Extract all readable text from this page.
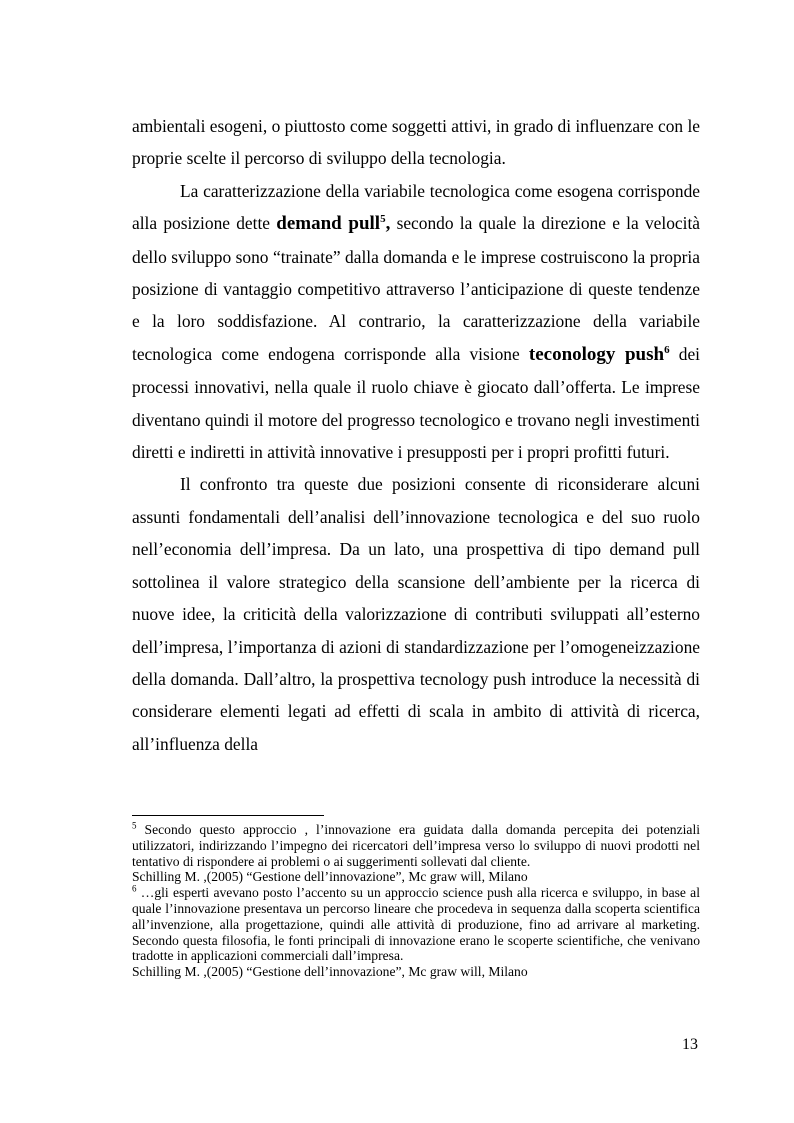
ambientali esogeni, o piuttosto come soggetti attivi, in grado di influenzare con le proprie scelte il percorso di sviluppo della tecnologia.

La caratterizzazione della variabile tecnologica come esogena corrisponde alla posizione dette demand pull$^5$, secondo la quale la direzione e la velocità dello sviluppo sono “trainate” dalla domanda e le imprese costruiscono la propria posizione di vantaggio competitivo attraverso l’anticipazione di queste tendenze e la loro soddisfazione. Al contrario, la caratterizzazione della variabile tecnologica come endogena corrisponde alla visione teconology push$^6$ dei processi innovativi, nella quale il ruolo chiave è giocato dall’offerta. Le imprese diventano quindi il motore del progresso tecnologico e trovano negli investimenti diretti e indiretti in attività innovative i presupposti per i propri profitti futuri.

Il confronto tra queste due posizioni consente di riconsiderare alcuni assunti fondamentali dell’analisi dell’innovazione tecnologica e del suo ruolo nell’economia dell’impresa. Da un lato, una prospettiva di tipo demand pull sottolinea il valore strategico della scansione dell’ambiente per la ricerca di nuove idee, la criticità della valorizzazione di contributi sviluppati all’esterno dell’impresa, l’importanza di azioni di standardizzazione per l’omogeneizzazione della domanda. Dall’altro, la prospettiva tecnology push introduce la necessità di considerare elementi legati ad effetti di scala in ambito di attività di ricerca, all’influenza della

$^5$ Secondo questo approccio , l’innovazione era guidata dalla domanda percepita dei potenziali utilizzatori, indirizzando l’impegno dei ricercatori dell’impresa verso lo sviluppo di nuovi prodotti nel tentativo di rispondere ai problemi o ai suggerimenti sollevati dal cliente.

Schilling M. ,(2005) “Gestione dell’innovazione”, Mc graw will, Milano

$^6$ …gli esperti avevano posto l’accento su un approccio science push alla ricerca e sviluppo, in base al quale l’innovazione presentava un percorso lineare che procedeva in sequenza dalla scoperta scientifica all’invenzione, alla progettazione, quindi alle attività di produzione, fino ad arrivare al marketing. Secondo questa filosofia, le fonti principali di innovazione erano le scoperte scientifiche, che venivano tradotte in applicazioni commerciali dall’impresa.

Schilling M. ,(2005) “Gestione dell’innovazione”, Mc graw will, Milano

13
